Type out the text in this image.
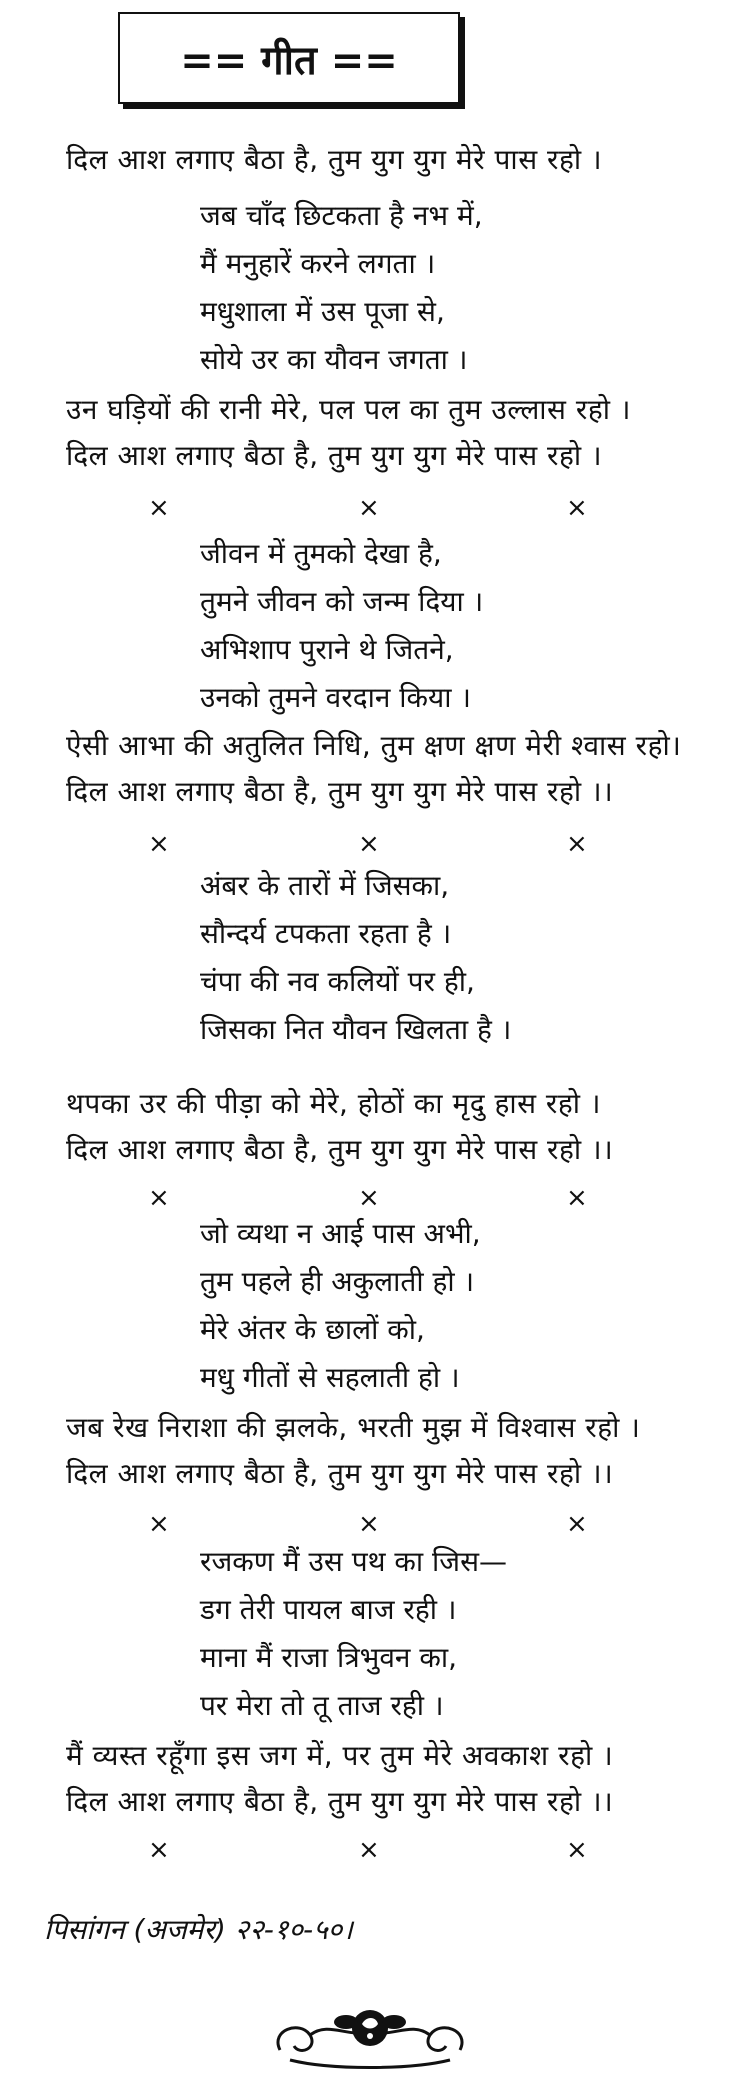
== गीत ==
दिल आश लगाए बैठा है, तुम युग युग मेरे पास रहो ।
जब चाँद छिटकता है नभ में,
मैं मनुहारें करने लगता ।
मधुशाला में उस पूजा से,
सोये उर का यौवन जगता ।
उन घड़ियों की रानी मेरे, पल पल का तुम उल्लास रहो ।
दिल आश लगाए बैठा है, तुम युग युग मेरे पास रहो ।
×	×	×
जीवन में तुमको देखा है,
तुमने जीवन को जन्म दिया ।
अभिशाप पुराने थे जितने,
उनको तुमने वरदान किया ।
ऐसी आभा की अतुलित निधि, तुम क्षण क्षण मेरी श्वास रहो।
दिल आश लगाए बैठा है, तुम युग युग मेरे पास रहो ।।
×	×	×
अंबर के तारों में जिसका,
सौन्दर्य टपकता रहता है ।
चंपा की नव कलियों पर ही,
जिसका नित यौवन खिलता है ।
थपका उर की पीड़ा को मेरे, होठों का मृदु हास रहो ।
दिल आश लगाए बैठा है, तुम युग युग मेरे पास रहो ।।
×	×	×
जो व्यथा न आई पास अभी,
तुम पहले ही अकुलाती हो ।
मेरे अंतर के छालों को,
मधु गीतों से सहलाती हो ।
जब रेख निराशा की झलके, भरती मुझ में विश्वास रहो ।
दिल आश लगाए बैठा है, तुम युग युग मेरे पास रहो ।।
×	×	×
रजकण मैं उस पथ का जिस—
डग तेरी पायल बाज रही ।
माना मैं राजा त्रिभुवन का,
पर मेरा तो तू ताज रही ।
मैं व्यस्त रहूँगा इस जग में, पर तुम मेरे अवकाश रहो ।
दिल आश लगाए बैठा है, तुम युग युग मेरे पास रहो ।।
×	×	×
पिसांगन (अजमेर) २२-१०-५०।
